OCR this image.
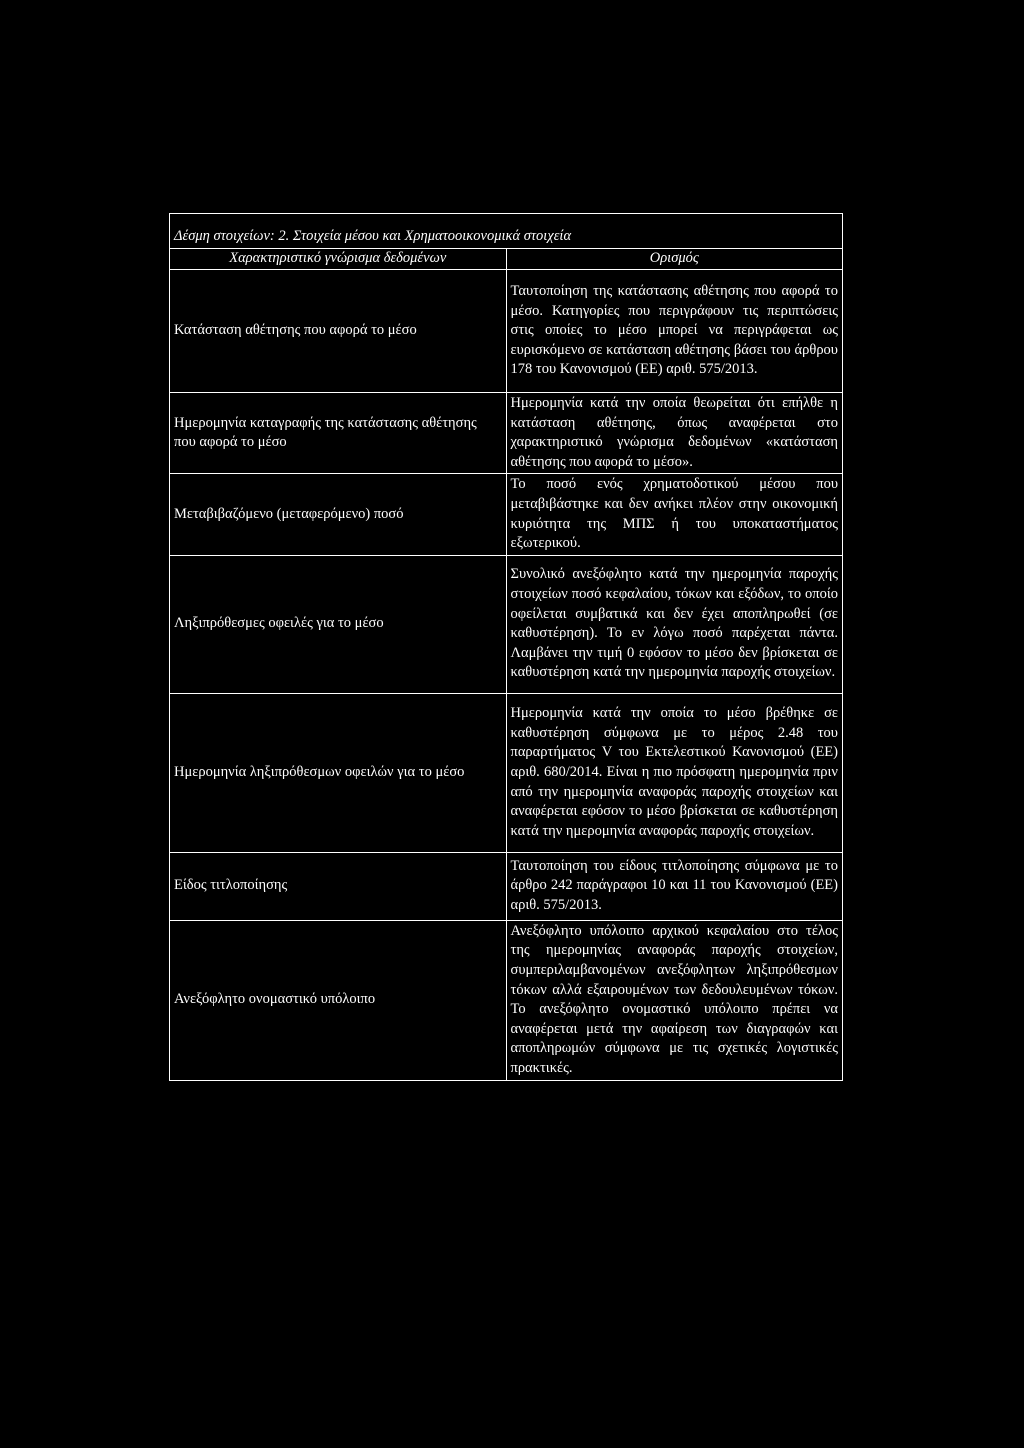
Δέσμη στοιχείων: 2. Στοιχεία μέσου και Χρηματοοικονομικά στοιχεία	
Χαρακτηριστικό γνώρισμα δεδομένων	Ορισμός
Κατάσταση αθέτησης που αφορά το μέσο	Ταυτοποίηση της κατάστασης αθέτησης που αφορά το μέσο. Κατηγορίες που περιγράφουν τις περιπτώσεις στις οποίες το μέσο μπορεί να περιγράφεται ως ευρισκόμενο σε κατάσταση αθέτησης βάσει του άρθρου 178 του Κανονισμού (ΕΕ) αριθ. 575/2013.

Ημερομηνία καταγραφής της κατάστασης αθέτησης που αφορά το μέσο	Ημερομηνία κατά την οποία θεωρείται ότι επήλθε η κατάσταση αθέτησης, όπως αναφέρεται στο χαρακτηριστικό γνώρισμα δεδομένων «κατάσταση αθέτησης που αφορά το μέσο».

Μεταβιβαζόμενο (μεταφερόμενο) ποσό	Το ποσό ενός χρηματοδοτικού μέσου που μεταβιβάστηκε και δεν ανήκει πλέον στην οικονομική κυριότητα της ΜΠΣ ή του υποκαταστήματος εξωτερικού.

Ληξιπρόθεσμες οφειλές για το μέσο	Συνολικό ανεξόφλητο κατά την ημερομηνία παροχής στοιχείων ποσό κεφαλαίου, τόκων και εξόδων, το οποίο οφείλεται συμβατικά και δεν έχει αποπληρωθεί (σε καθυστέρηση). Το εν λόγω ποσό παρέχεται πάντα. Λαμβάνει την τιμή 0 εφόσον το μέσο δεν βρίσκεται σε καθυστέρηση κατά την ημερομηνία παροχής στοιχείων.

Ημερομηνία ληξιπρόθεσμων οφειλών για το μέσο	Ημερομηνία κατά την οποία το μέσο βρέθηκε σε καθυστέρηση σύμφωνα με το μέρος 2.48 του παραρτήματος V του Εκτελεστικού Κανονισμού (ΕΕ) αριθ. 680/2014. Είναι η πιο πρόσφατη ημερομηνία πριν από την ημερομηνία αναφοράς παροχής στοιχείων και αναφέρεται εφόσον το μέσο βρίσκεται σε καθυστέρηση κατά την ημερομηνία αναφοράς παροχής στοιχείων.

Είδος τιτλοποίησης	Ταυτοποίηση του είδους τιτλοποίησης σύμφωνα με το άρθρο 242 παράγραφοι 10 και 11 του Κανονισμού (ΕΕ) αριθ. 575/2013.

Ανεξόφλητο ονομαστικό υπόλοιπο	Ανεξόφλητο υπόλοιπο αρχικού κεφαλαίου στο τέλος της ημερομηνίας αναφοράς παροχής στοιχείων, συμπεριλαμβανομένων ανεξόφλητων ληξιπρόθεσμων τόκων αλλά εξαιρουμένων των δεδουλευμένων τόκων. Το ανεξόφλητο ονομαστικό υπόλοιπο πρέπει να αναφέρεται μετά την αφαίρεση των διαγραφών και αποπληρωμών σύμφωνα με τις σχετικές λογιστικές πρακτικές.
